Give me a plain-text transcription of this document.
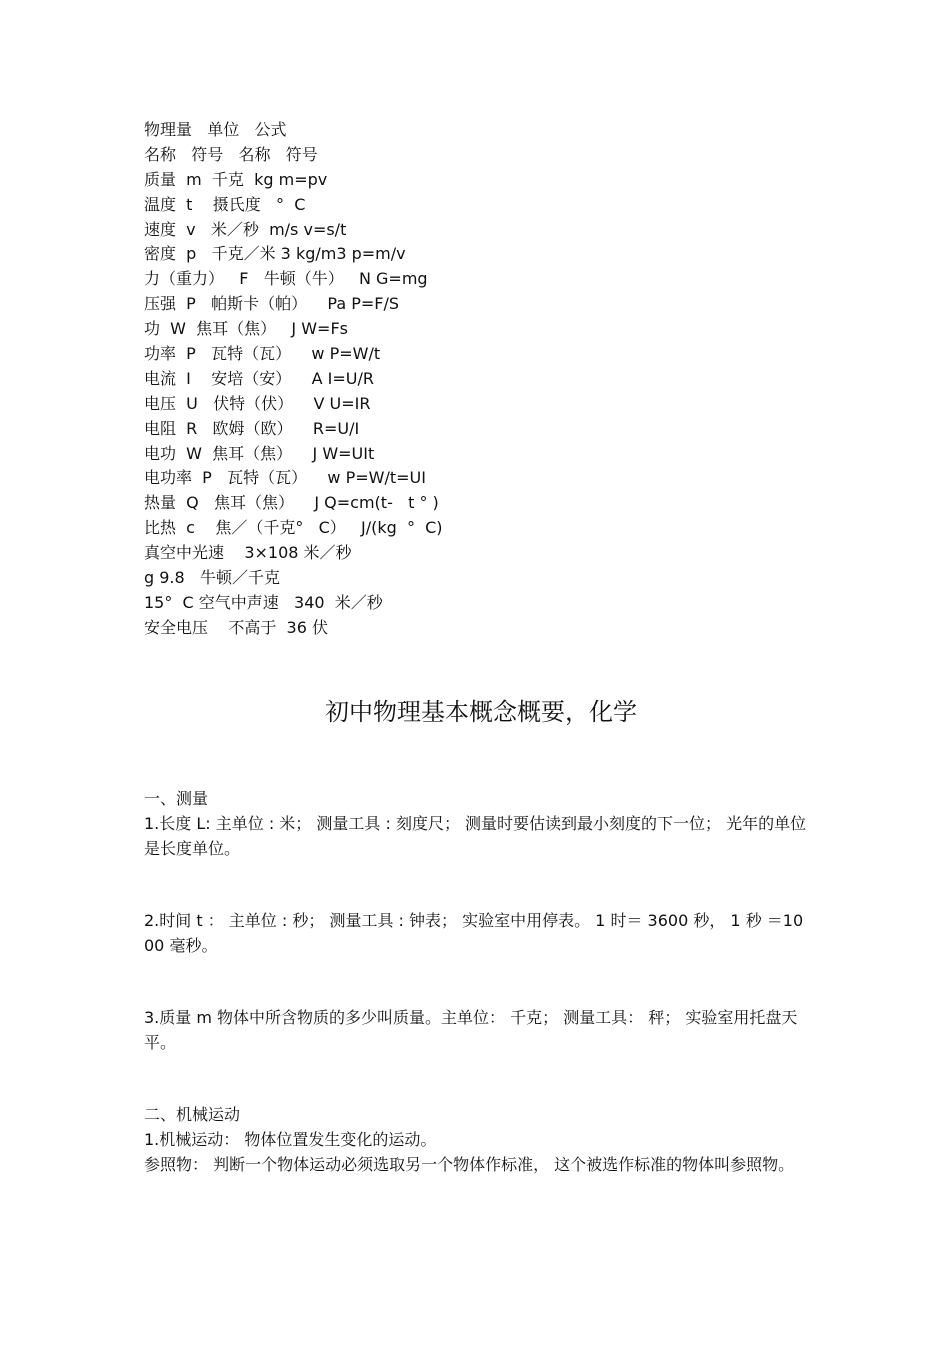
物理量   单位   公式
名称   符号   名称   符号
质量  m  千克  kg m=pv
温度  t    摄氏度   °  C
速度  v   米／秒  m/s v=s/t
密度  p   千克／米 3 kg/m3 p=m/v
力（重力）   F   牛顿（牛）   N G=mg
压强  P   帕斯卡（帕）    Pa P=F/S
功  W  焦耳（焦）   J W=Fs
功率  P   瓦特（瓦）    w P=W/t
电流  I    安培（安）    A I=U/R
电压  U   伏特（伏）    V U=IR
电阻  R   欧姆（欧）    R=U/I
电功  W  焦耳（焦）    J W=UIt
电功率  P   瓦特（瓦）    w P=W/t=UI
热量  Q   焦耳（焦）    J Q=cm(t-   t ° )
比热  c    焦／（千克°   C）   J/(kg  °  C)
真空中光速    3×108 米／秒
g 9.8   牛顿／千克
15°  C 空气中声速   340  米／秒
安全电压    不高于  36 伏
初中物理基本概念概要，化学

一、测量

1.长度 L: 主单位 : 米； 测量工具 : 刻度尺； 测量时要估读到最小刻度的下一位； 光年的单位是长度单位。

2.时间 t ： 主单位 : 秒； 测量工具 : 钟表； 实验室中用停表。 1 时＝ 3600 秒， 1 秒 ＝1000 毫秒。

3.质量 m 物体中所含物质的多少叫质量。主单位： 千克； 测量工具： 秤； 实验室用托盘天平。

二、机械运动

1.机械运动： 物体位置发生变化的运动。

参照物： 判断一个物体运动必须选取另一个物体作标准， 这个被选作标准的物体叫参照物。
